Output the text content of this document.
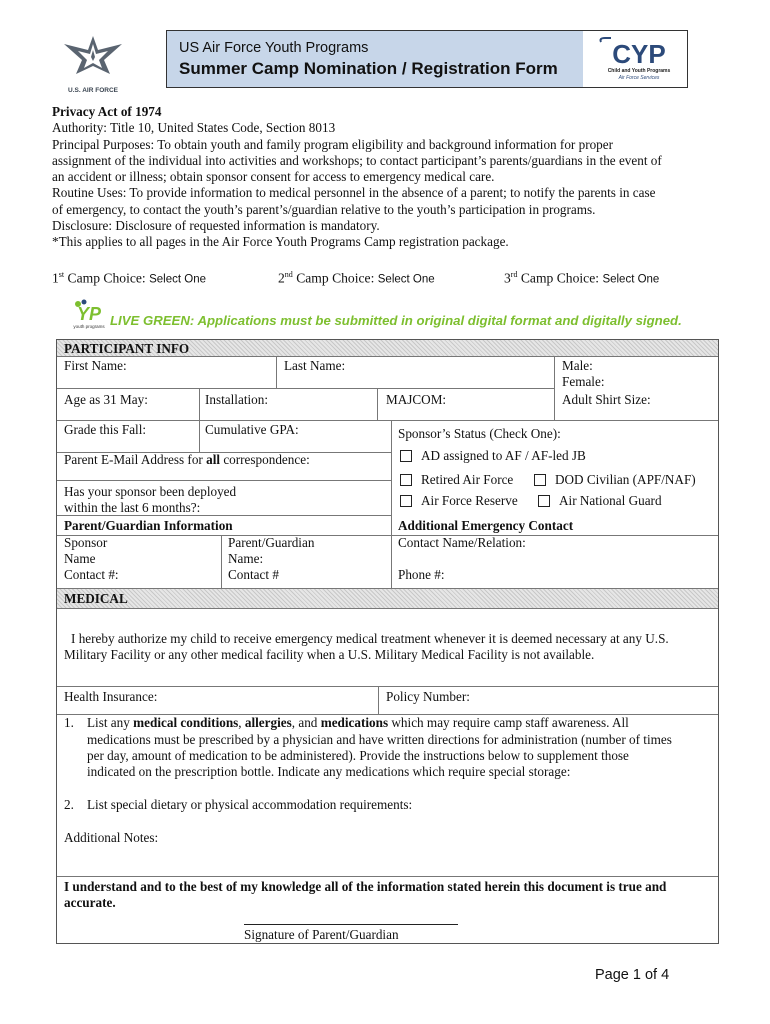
U.S. AIR FORCE
US Air Force Youth Programs
Summer Camp Nomination / Registration Form CYP
Child and Youth Programs
Air Force Services

Privacy Act of 1974

Authority: Title 10, United States Code, Section 8013

Principal Purposes: To obtain youth and family program eligibility and background information for proper

assignment of the individual into activities and workshops; to contact participant’s parents/guardians in the event of

an accident or illness; obtain sponsor consent for access to emergency medical care.

Routine Uses: To provide information to medical personnel in the absence of a parent; to notify the parents in case

of emergency, to contact the youth’s parent’s/guardian relative to the youth’s participation in programs.

Disclosure: Disclosure of requested information is mandatory.

*This applies to all pages in the Air Force Youth Programs Camp registration package.

1st Camp Choice: Select One	2nd Camp Choice: Select One	3rd Camp Choice: Select One
YP
youth programs LIVE GREEN: Applications must be submitted in original digital format and digitally signed.
PARTICIPANT INFO
First Name:	Last Name:	Male:
Female:
Age as 31 May:	Installation:	MAJCOM:	Adult Shirt Size:
Grade this Fall:	Cumulative GPA:	Sponsor’s Status (Check One):
Parent E-Mail Address for all correspondence:	AD assigned to AF / AF-led JB
Retired Air Force	DOD Civilian (APF/NAF)
Air Force Reserve	Air National Guard
Has your sponsor been deployed
within the last 6 months?:
Parent/Guardian Information	Additional Emergency Contact
Sponsor
Name
Contact #:
Parent/Guardian
Name:
Contact #
Contact Name/Relation:
Phone #:
MEDICAL
I hereby authorize my child to receive emergency medical treatment whenever it is deemed necessary at any U.S.
Military Facility or any other medical facility when a U.S. Military Medical Facility is not available.
Health Insurance:	Policy Number:
1. List any medical conditions, allergies, and medications which may require camp staff awareness. All
medications must be prescribed by a physician and have written directions for administration (number of times
per day, amount of medication to be administered). Provide the instructions below to supplement those
indicated on the prescription bottle. Indicate any medications which require special storage:
2. List special dietary or physical accommodation requirements:
Additional Notes:
I understand and to the best of my knowledge all of the information stated herein this document is true and
accurate.
Signature of Parent/Guardian
Page 1 of 4
